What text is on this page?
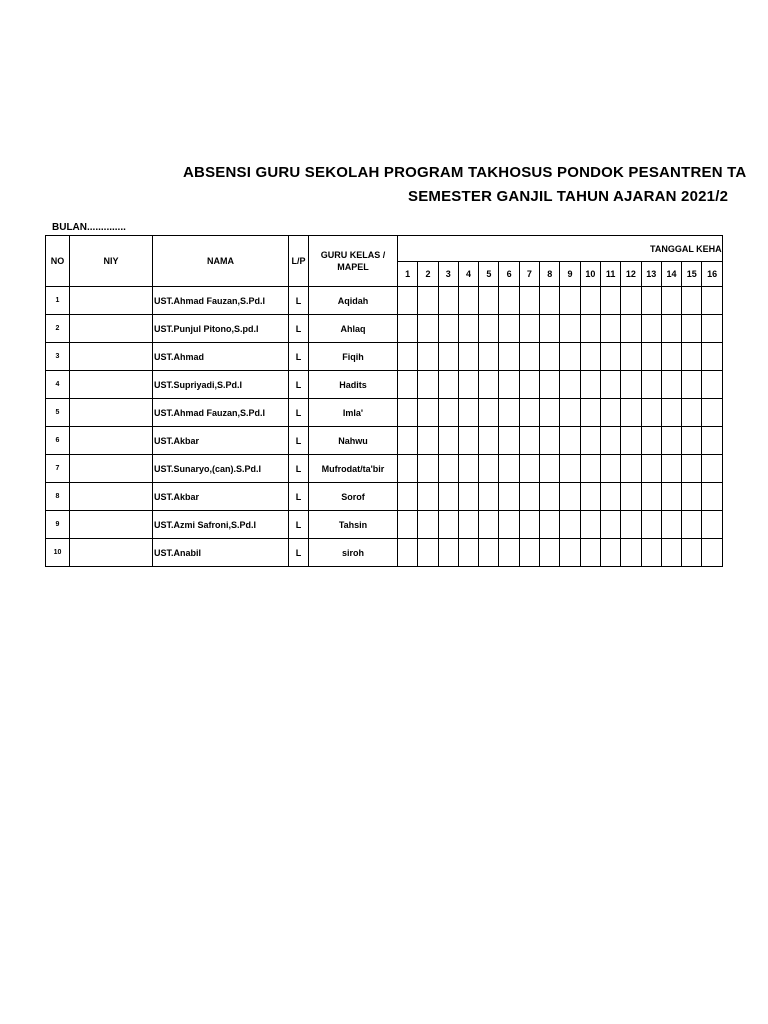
ABSENSI GURU SEKOLAH PROGRAM TAKHOSUS PONDOK PESANTREN TA
SEMESTER GANJIL TAHUN AJARAN 2021/2
BULAN..............
NO	NIY	NAMA	L/P	GURU KELAS / MAPEL	TANGGAL KEHA															
					1	2	3	4	5	6	7	8	9	10	11	12	13	14	15	16
1		UST.Ahmad Fauzan,S.Pd.I	L	Aqidah																
2		UST.Punjul Pitono,S.pd.I	L	Ahlaq																
3		UST.Ahmad	L	Fiqih																
4		UST.Supriyadi,S.Pd.I	L	Hadits																
5		UST.Ahmad Fauzan,S.Pd.I	L	Imla'																
6		UST.Akbar	L	Nahwu																
7		UST.Sunaryo,(can).S.Pd.I	L	Mufrodat/ta'bir																
8		UST.Akbar	L	Sorof																
9		UST.Azmi Safroni,S.Pd.I	L	Tahsin																
10		UST.Anabil	L	siroh																
